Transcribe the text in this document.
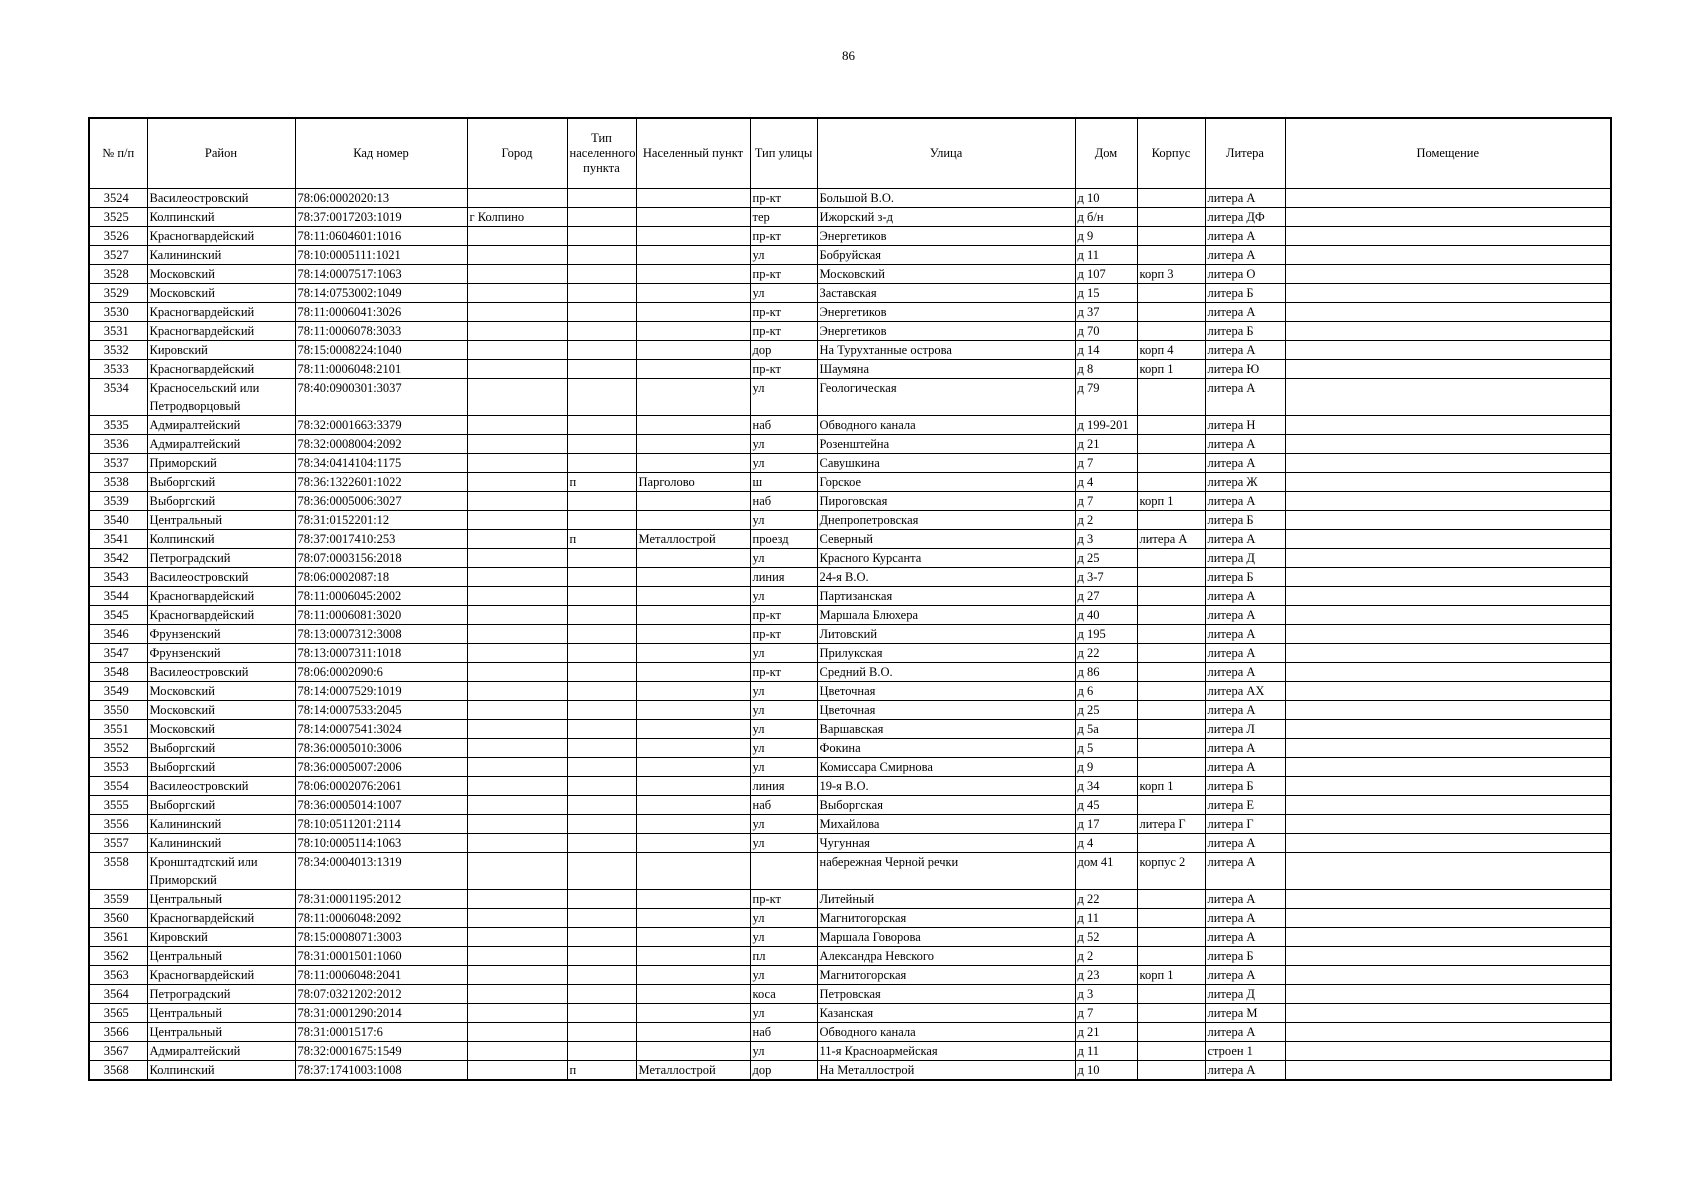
86
№ п/п	Район	Кад номер	Город	Тип населенного пункта	Населенный пункт	Тип улицы	Улица	Дом	Корпус	Литера	Помещение
3524	Василеостровский	78:06:0002020:13				пр-кт	Большой В.О.	д 10		литера А	
3525	Колпинский	78:37:0017203:1019	г Колпино			тер	Ижорский з-д	д б/н		литера ДФ	
3526	Красногвардейский	78:11:0604601:1016				пр-кт	Энергетиков	д 9		литера А	
3527	Калининский	78:10:0005111:1021				ул	Бобруйская	д 11		литера А	
3528	Московский	78:14:0007517:1063				пр-кт	Московский	д 107	корп 3	литера О	
3529	Московский	78:14:0753002:1049				ул	Заставская	д 15		литера Б	
3530	Красногвардейский	78:11:0006041:3026				пр-кт	Энергетиков	д 37		литера А	
3531	Красногвардейский	78:11:0006078:3033				пр-кт	Энергетиков	д 70		литера Б	
3532	Кировский	78:15:0008224:1040				дор	На Турухтанные острова	д 14	корп 4	литера А	
3533	Красногвардейский	78:11:0006048:2101				пр-кт	Шаумяна	д 8	корп 1	литера Ю	
3534	Красносельский или Петродворцовый	78:40:0900301:3037				ул	Геологическая	д 79		литера А	
3535	Адмиралтейский	78:32:0001663:3379				наб	Обводного канала	д 199-201		литера Н	
3536	Адмиралтейский	78:32:0008004:2092				ул	Розенштейна	д 21		литера А	
3537	Приморский	78:34:0414104:1175				ул	Савушкина	д 7		литера А	
3538	Выборгский	78:36:1322601:1022		п	Парголово	ш	Горское	д 4		литера Ж	
3539	Выборгский	78:36:0005006:3027				наб	Пироговская	д 7	корп 1	литера А	
3540	Центральный	78:31:0152201:12				ул	Днепропетровская	д 2		литера Б	
3541	Колпинский	78:37:0017410:253		п	Металлострой	проезд	Северный	д 3	литера А	литера А	
3542	Петроградский	78:07:0003156:2018				ул	Красного Курсанта	д 25		литера Д	
3543	Василеостровский	78:06:0002087:18				линия	24-я В.О.	д 3-7		литера Б	
3544	Красногвардейский	78:11:0006045:2002				ул	Партизанская	д 27		литера А	
3545	Красногвардейский	78:11:0006081:3020				пр-кт	Маршала Блюхера	д 40		литера А	
3546	Фрунзенский	78:13:0007312:3008				пр-кт	Литовский	д 195		литера А	
3547	Фрунзенский	78:13:0007311:1018				ул	Прилукская	д 22		литера А	
3548	Василеостровский	78:06:0002090:6				пр-кт	Средний В.О.	д 86		литера А	
3549	Московский	78:14:0007529:1019				ул	Цветочная	д 6		литера АХ	
3550	Московский	78:14:0007533:2045				ул	Цветочная	д 25		литера А	
3551	Московский	78:14:0007541:3024				ул	Варшавская	д 5а		литера Л	
3552	Выборгский	78:36:0005010:3006				ул	Фокина	д 5		литера А	
3553	Выборгский	78:36:0005007:2006				ул	Комиссара Смирнова	д 9		литера А	
3554	Василеостровский	78:06:0002076:2061				линия	19-я В.О.	д 34	корп 1	литера Б	
3555	Выборгский	78:36:0005014:1007				наб	Выборгская	д 45		литера Е	
3556	Калининский	78:10:0511201:2114				ул	Михайлова	д 17	литера Г	литера Г	
3557	Калининский	78:10:0005114:1063				ул	Чугунная	д 4		литера А	
3558	Кронштадтский или Приморский	78:34:0004013:1319					набережная Черной речки	дом 41	корпус 2	литера А	
3559	Центральный	78:31:0001195:2012				пр-кт	Литейный	д 22		литера А	
3560	Красногвардейский	78:11:0006048:2092				ул	Магнитогорская	д 11		литера А	
3561	Кировский	78:15:0008071:3003				ул	Маршала Говорова	д 52		литера А	
3562	Центральный	78:31:0001501:1060				пл	Александра Невского	д 2		литера Б	
3563	Красногвардейский	78:11:0006048:2041				ул	Магнитогорская	д 23	корп 1	литера А	
3564	Петроградский	78:07:0321202:2012				коса	Петровская	д 3		литера Д	
3565	Центральный	78:31:0001290:2014				ул	Казанская	д 7		литера М	
3566	Центральный	78:31:0001517:6				наб	Обводного канала	д 21		литера А	
3567	Адмиралтейский	78:32:0001675:1549				ул	11-я Красноармейская	д 11		строен 1	
3568	Колпинский	78:37:1741003:1008		п	Металлострой	дор	На Металлострой	д 10		литера А	
